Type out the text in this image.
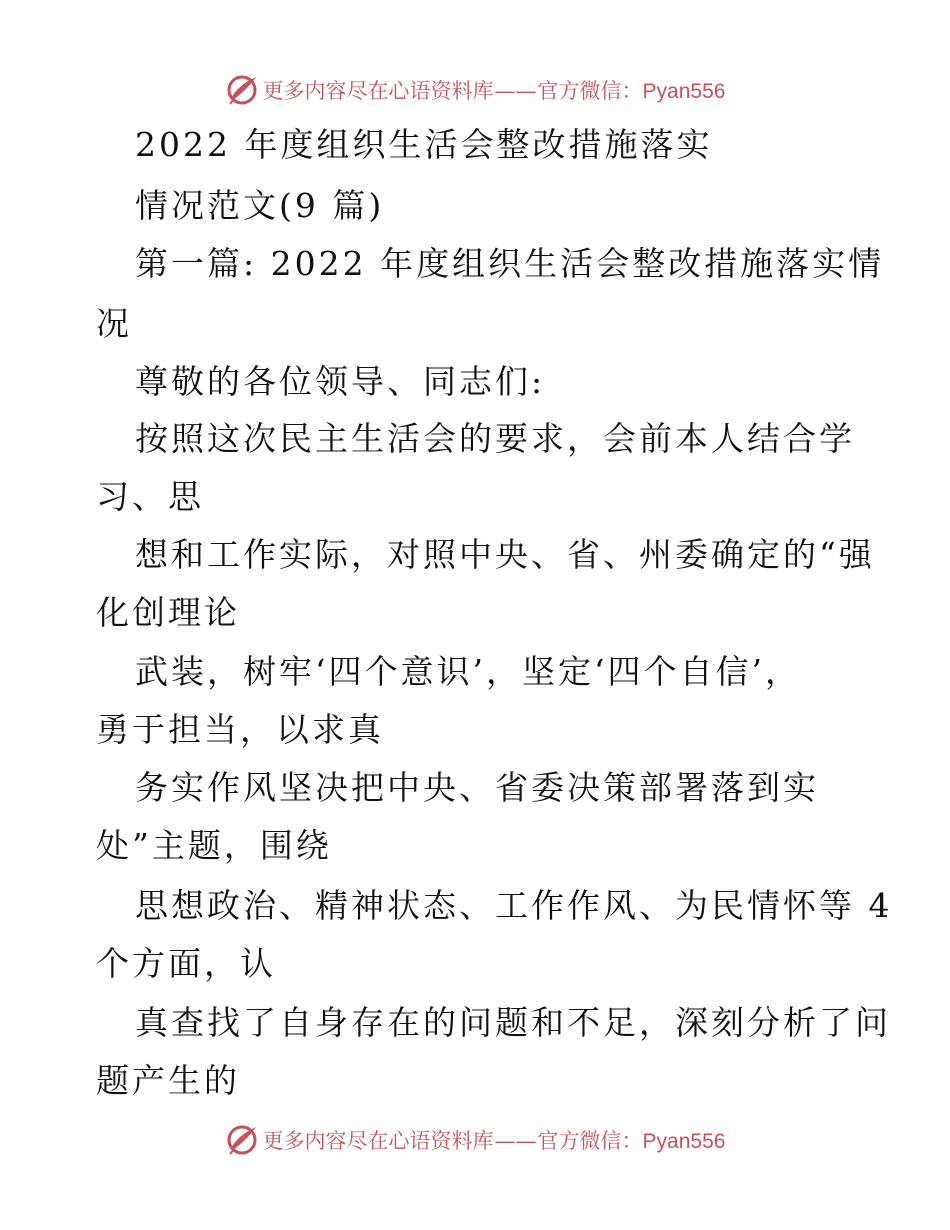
更多内容尽在心语资料库——官方微信：Pyan556
2022 年度组织生活会整改措施落实
情况范文(9 篇)
第一篇: 2022 年度组织生活会整改措施落实情
况
尊敬的各位领导、同志们:
按照这次民主生活会的要求，会前本人结合学
习、思
想和工作实际，对照中央、省、州委确定的“强
化创理论
武装，树牢‘四个意识’，坚定‘四个自信’，
勇于担当，以求真
务实作风坚决把中央、省委决策部署落到实
处”主题，围绕
思想政治、精神状态、工作作风、为民情怀等 4
个方面，认
真查找了自身存在的问题和不足，深刻分析了问
题产生的
更多内容尽在心语资料库——官方微信：Pyan556
